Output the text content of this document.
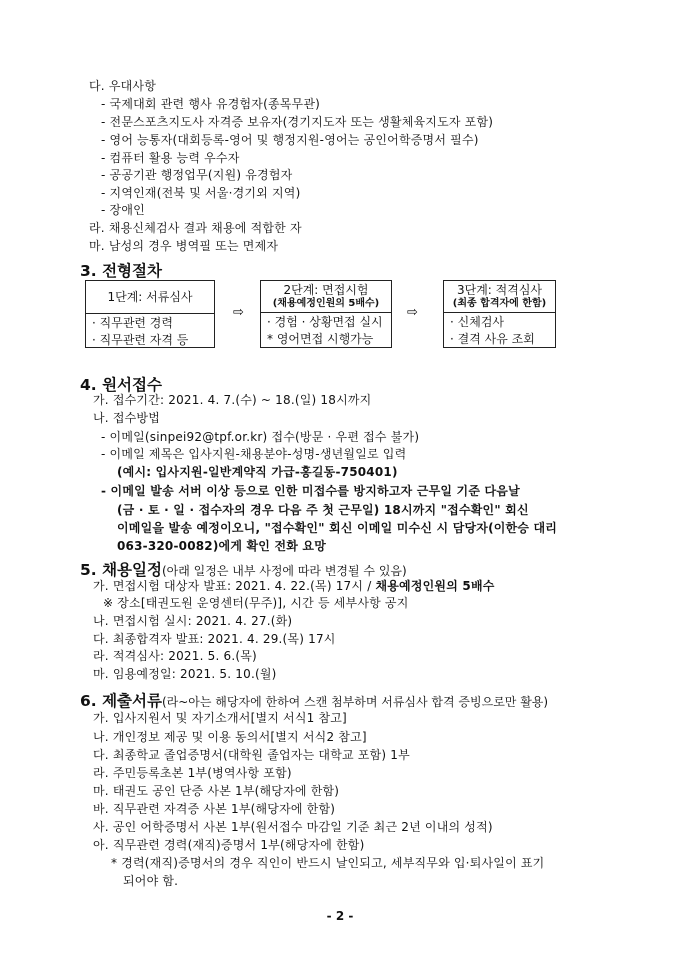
다. 우대사항
- 국제대회 관련 행사 유경험자(종목무관)
- 전문스포츠지도사 자격증 보유자(경기지도자 또는 생활체육지도자 포함)
- 영어 능통자(대회등록-영어 및 행정지원-영어는 공인어학증명서 필수)
- 컴퓨터 활용 능력 우수자
- 공공기관 행정업무(지원) 유경험자
- 지역인재(전북 및 서울·경기외 지역)
- 장애인
라. 채용신체검사 결과 채용에 적합한 자
마. 남성의 경우 병역필 또는 면제자
3. 전형절차
1단계: 서류심사
· 직무관련 경력
· 직무관련 자격 등
⇨
2단계: 면접시험
(채용예정인원의 5배수)
· 경험 · 상황면접 실시
* 영어면접 시행가능
⇨
3단계: 적격심사
(최종 합격자에 한함)
· 신체검사
· 결격 사유 조회
4. 원서접수
가. 접수기간: 2021. 4. 7.(수) ~ 18.(일) 18시까지
나. 접수방법
- 이메일(sinpei92@tpf.or.kr) 접수(방문 · 우편 접수 불가)
- 이메일 제목은 입사지원-채용분야-성명-생년월일로 입력
(예시: 입사지원-일반계약직 가급-홍길동-750401)
- 이메일 발송 서버 이상 등으로 인한 미접수를 방지하고자 근무일 기준 다음날
(금 · 토 · 일 · 접수자의 경우 다음 주 첫 근무일) 18시까지 "접수확인" 회신
이메일을 발송 예정이오니, "접수확인" 회신 이메일 미수신 시 담당자(이한승 대리
063-320-0082)에게 확인 전화 요망
5. 채용일정(아래 일정은 내부 사정에 따라 변경될 수 있음)
가. 면접시험 대상자 발표: 2021. 4. 22.(목) 17시 / 채용예정인원의 5배수
※ 장소[태권도원 운영센터(무주)], 시간 등 세부사항 공지
나. 면접시험 실시: 2021. 4. 27.(화)
다. 최종합격자 발표: 2021. 4. 29.(목) 17시
라. 적격심사: 2021. 5. 6.(목)
마. 임용예정일: 2021. 5. 10.(월)
6. 제출서류(라~아는 해당자에 한하여 스캔 첨부하며 서류심사 합격 증빙으로만 활용)
가. 입사지원서 및 자기소개서[별지 서식1 참고]
나. 개인정보 제공 및 이용 동의서[별지 서식2 참고]
다. 최종학교 졸업증명서(대학원 졸업자는 대학교 포함) 1부
라. 주민등록초본 1부(병역사항 포함)
마. 태권도 공인 단증 사본 1부(해당자에 한함)
바. 직무관련 자격증 사본 1부(해당자에 한함)
사. 공인 어학증명서 사본 1부(원서접수 마감일 기준 최근 2년 이내의 성적)
아. 직무관련 경력(재직)증명서 1부(해당자에 한함)
* 경력(재직)증명서의 경우 직인이 반드시 날인되고, 세부직무와 입·퇴사일이 표기
되어야 함.
- 2 -
